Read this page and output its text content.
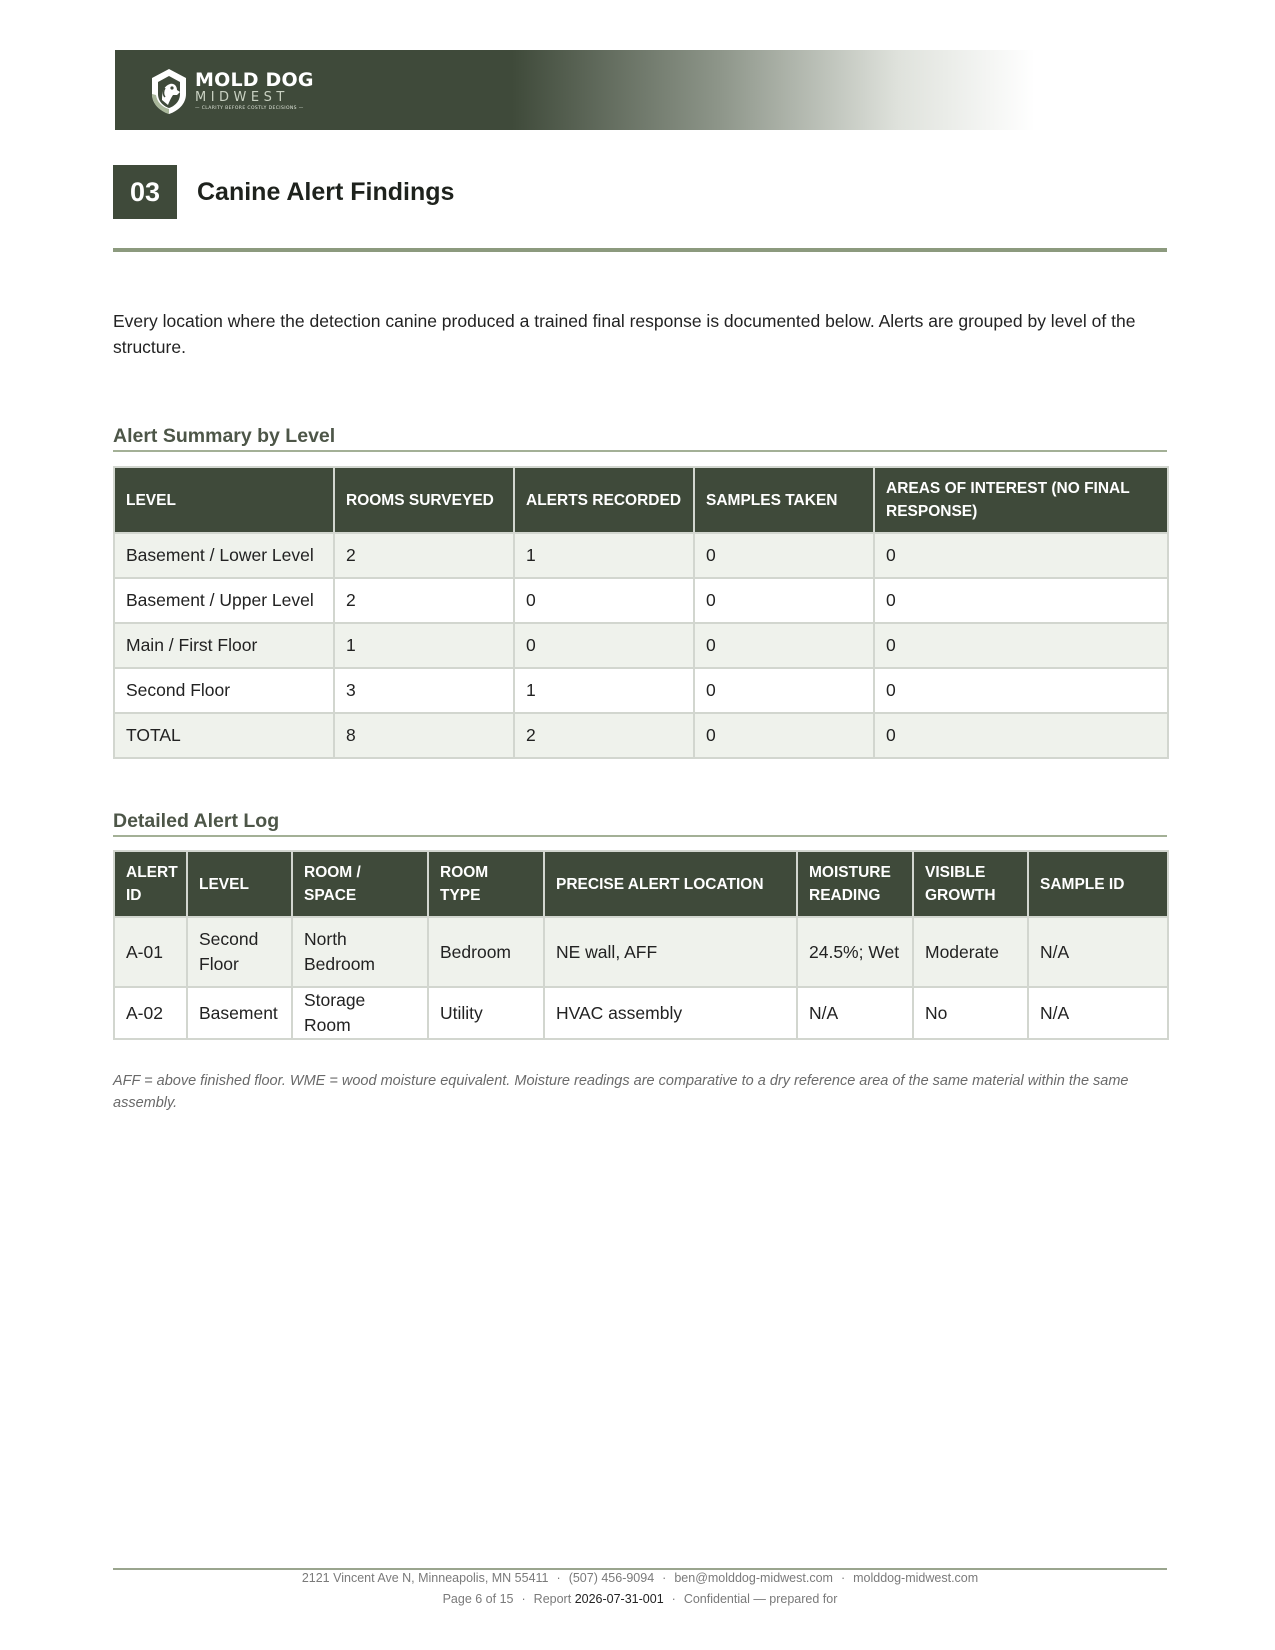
MOLD DOG
MIDWEST
— CLARITY BEFORE COSTLY DECISIONS —
03	Canine Alert Findings

Every location where the detection canine produced a trained final response is documented below. Alerts are grouped by level of the structure.

Alert Summary by Level
LEVEL	ROOMS SURVEYED	ALERTS RECORDED	SAMPLES TAKEN	AREAS OF INTEREST (NO FINAL RESPONSE)
Basement / Lower Level	2	1	0	0
Basement / Upper Level	2	0	0	0
Main / First Floor	1	0	0	0
Second Floor	3	1	0	0
TOTAL	8	2	0	0
Detailed Alert Log
ALERT ID	LEVEL	ROOM / SPACE	ROOM TYPE	PRECISE ALERT LOCATION	MOISTURE READING	VISIBLE GROWTH	SAMPLE ID
A-01	Second Floor	North Bedroom	Bedroom	NE wall, AFF	24.5%; Wet	Moderate	N/A
A-02	Basement	Storage Room	Utility	HVAC assembly	N/A	No	N/A

AFF = above finished floor. WME = wood moisture equivalent. Moisture readings are comparative to a dry reference area of the same material within the same assembly.

2121 Vincent Ave N, Minneapolis, MN 55411 · (507) 456-9094 · ben@molddog-midwest.com · molddog-midwest.com
Page 6 of 15 · Report 2026-07-31-001 · Confidential — prepared for
